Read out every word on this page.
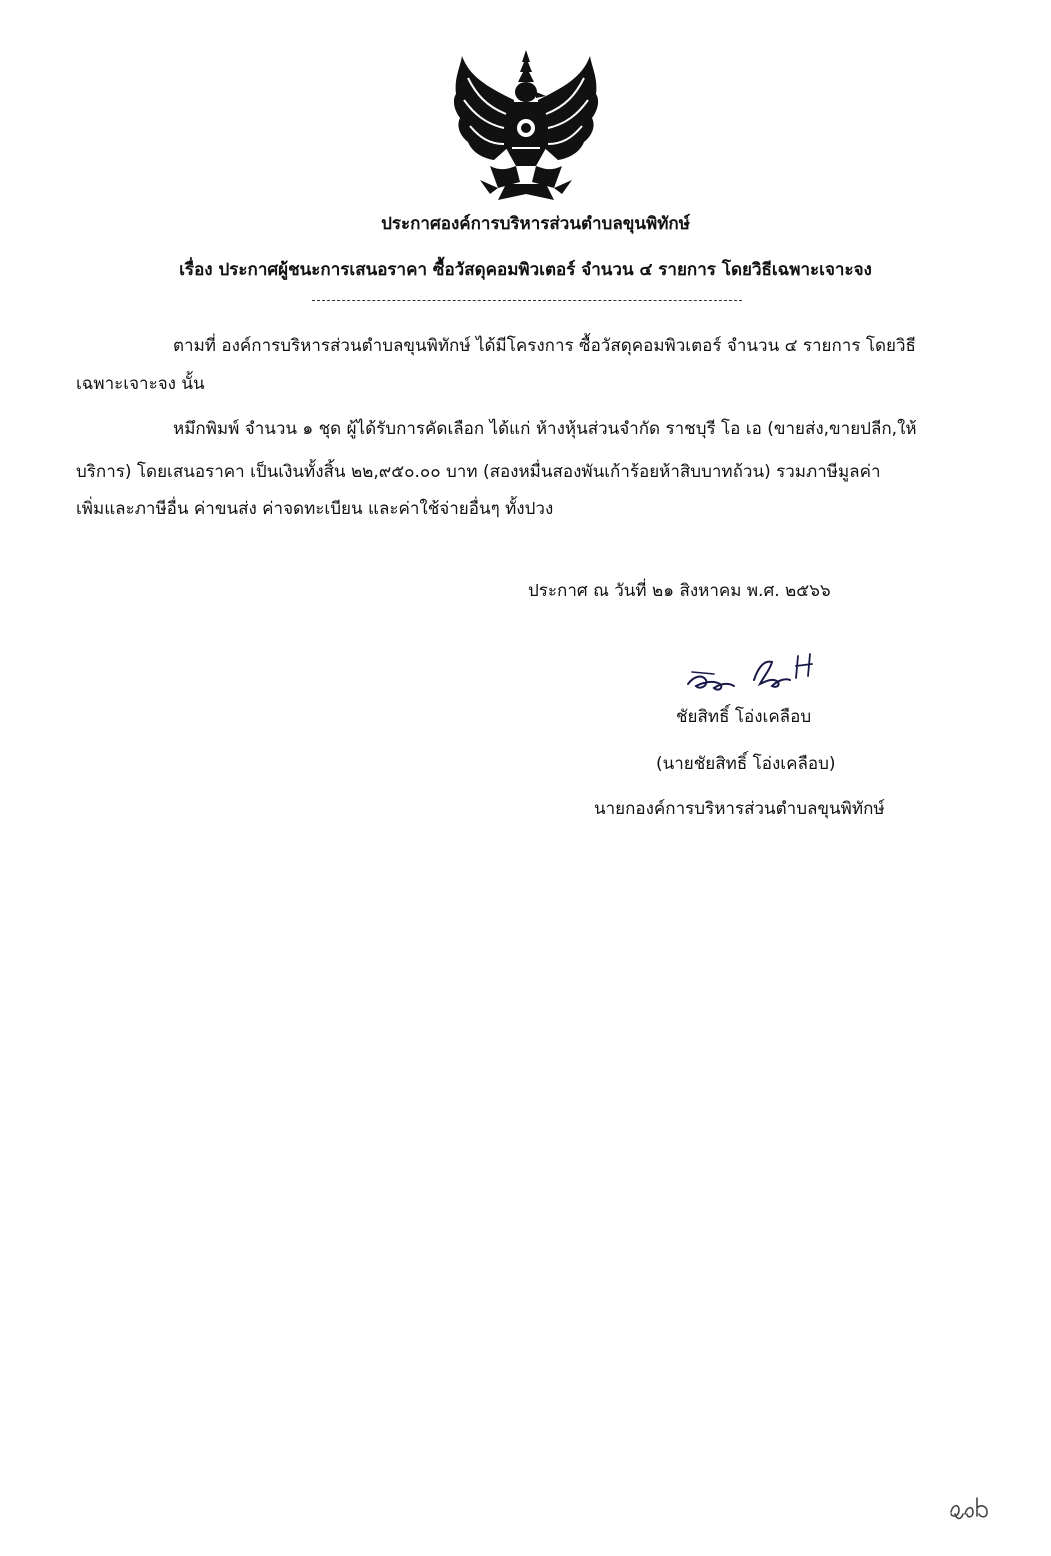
ประกาศองค์การบริหารส่วนตำบลขุนพิทักษ์
เรื่อง ประกาศผู้ชนะการเสนอราคา ซื้อวัสดุคอมพิวเตอร์ จำนวน ๔ รายการ โดยวิธีเฉพาะเจาะจง
ตามที่ องค์การบริหารส่วนตำบลขุนพิทักษ์ ได้มีโครงการ ซื้อวัสดุคอมพิวเตอร์ จำนวน ๔ รายการ โดยวิธี
เฉพาะเจาะจง นั้น
หมึกพิมพ์ จำนวน ๑ ชุด ผู้ได้รับการคัดเลือก ได้แก่ ห้างหุ้นส่วนจำกัด ราชบุรี โอ เอ (ขายส่ง,ขายปลีก,ให้
บริการ) โดยเสนอราคา เป็นเงินทั้งสิ้น ๒๒,๙๕๐.๐๐ บาท (สองหมื่นสองพันเก้าร้อยห้าสิบบาทถ้วน) รวมภาษีมูลค่า
เพิ่มและภาษีอื่น ค่าขนส่ง ค่าจดทะเบียน และค่าใช้จ่ายอื่นๆ ทั้งปวง
ประกาศ ณ วันที่ ๒๑ สิงหาคม พ.ศ. ๒๕๖๖
ชัยสิทธิ์ โอ่งเคลือบ
(นายชัยสิทธิ์ โอ่งเคลือบ)
นายกองค์การบริหารส่วนตำบลขุนพิทักษ์
